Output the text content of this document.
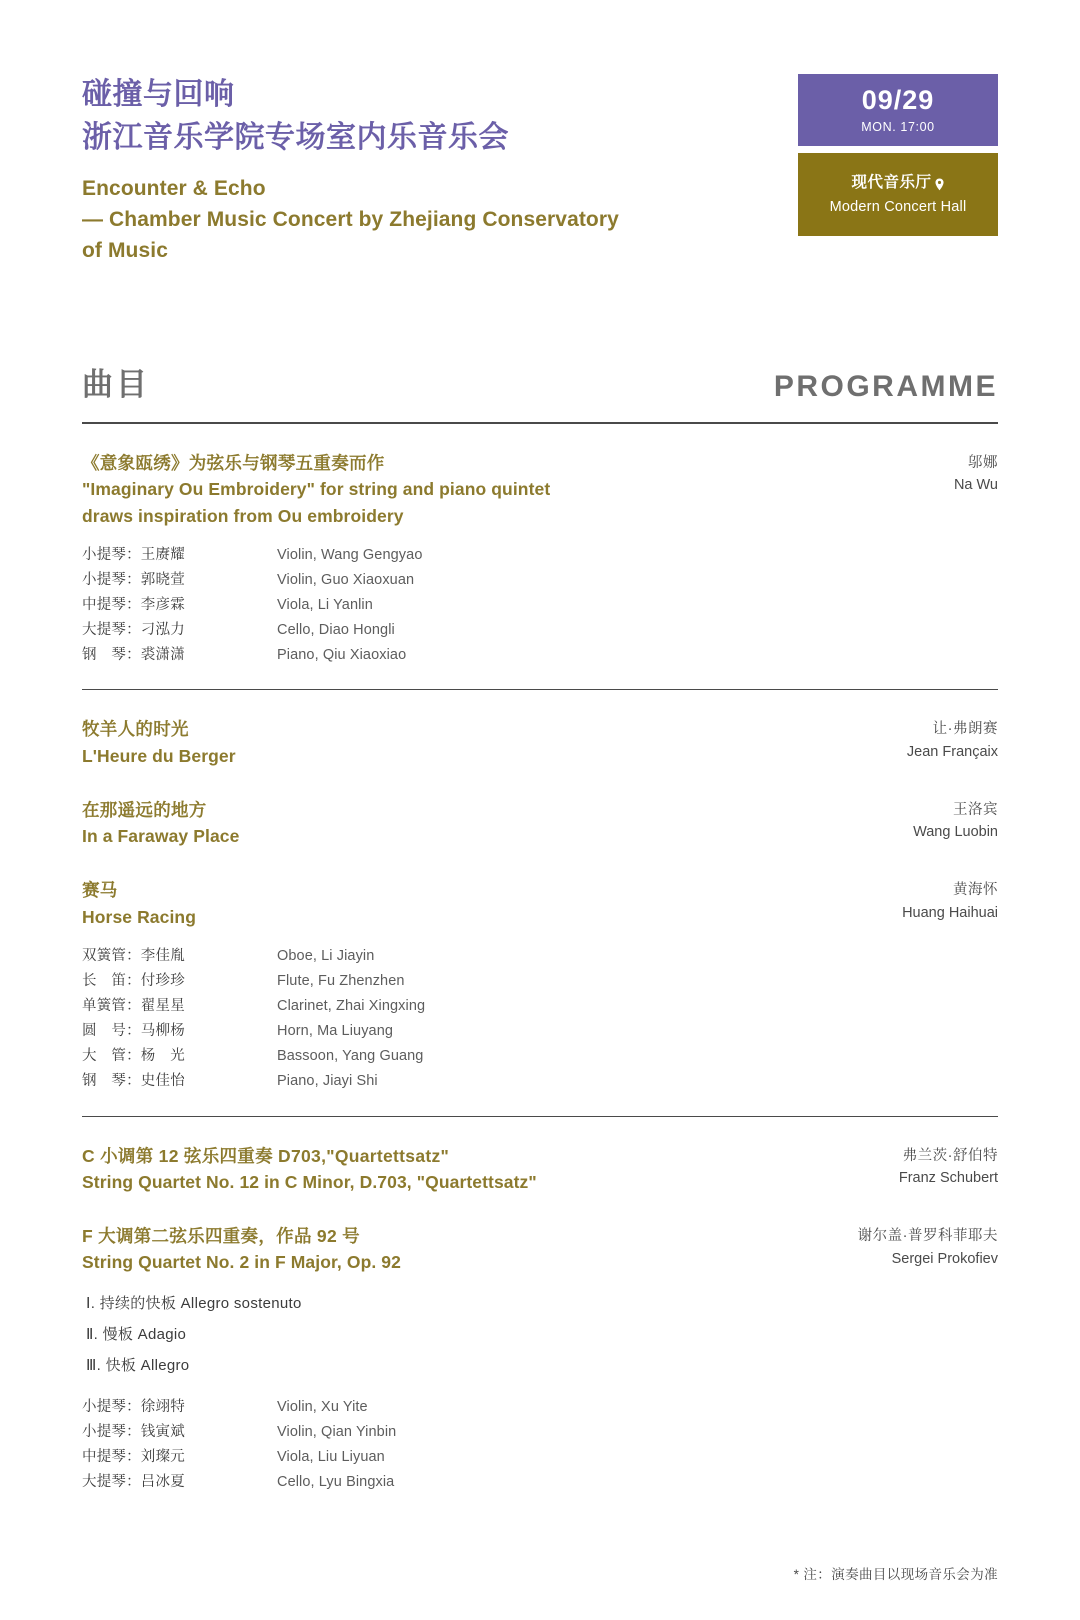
碰撞与回响
浙江音乐学院专场室内乐音乐会
Encounter & Echo
— Chamber Music Concert by Zhejiang Conservatory
of Music
09/29
MON. 17:00
现代音乐厅
Modern Concert Hall
曲目	PROGRAMME
《意象瓯绣》为弦乐与钢琴五重奏而作
"Imaginary Ou Embroidery" for string and piano quintet
draws inspiration from Ou embroidery
邬娜
Na Wu
小提琴：王赓耀	Violin, Wang Gengyao
小提琴：郭晓萱	Violin, Guo Xiaoxuan
中提琴：李彦霖	Viola, Li Yanlin
大提琴：刁泓力	Cello, Diao Hongli
钢　琴：裘潇潇	Piano, Qiu Xiaoxiao
牧羊人的时光
L'Heure du Berger
让·弗朗赛
Jean Françaix
在那遥远的地方
In a Faraway Place
王洛宾
Wang Luobin
赛马
Horse Racing
黄海怀
Huang Haihuai
双簧管：李佳胤	Oboe, Li Jiayin
长　笛：付珍珍	Flute, Fu Zhenzhen
单簧管：翟星星	Clarinet, Zhai Xingxing
圆　号：马柳杨	Horn, Ma Liuyang
大　管：杨　光	Bassoon, Yang Guang
钢　琴：史佳怡	Piano, Jiayi Shi
C 小调第 12 弦乐四重奏 D703,"Quartettsatz"
String Quartet No. 12 in C Minor, D.703, "Quartettsatz"
弗兰茨·舒伯特
Franz Schubert
F 大调第二弦乐四重奏，作品 92 号
String Quartet No. 2 in F Major, Op. 92
谢尔盖·普罗科菲耶夫
Sergei Prokofiev
Ⅰ. 持续的快板 Allegro sostenuto
Ⅱ. 慢板 Adagio
Ⅲ. 快板 Allegro
小提琴：徐翊特	Violin, Xu Yite
小提琴：钱寅斌	Violin, Qian Yinbin
中提琴：刘璨元	Viola, Liu Liyuan
大提琴：吕冰夏	Cello, Lyu Bingxia
* 注：演奏曲目以现场音乐会为准
